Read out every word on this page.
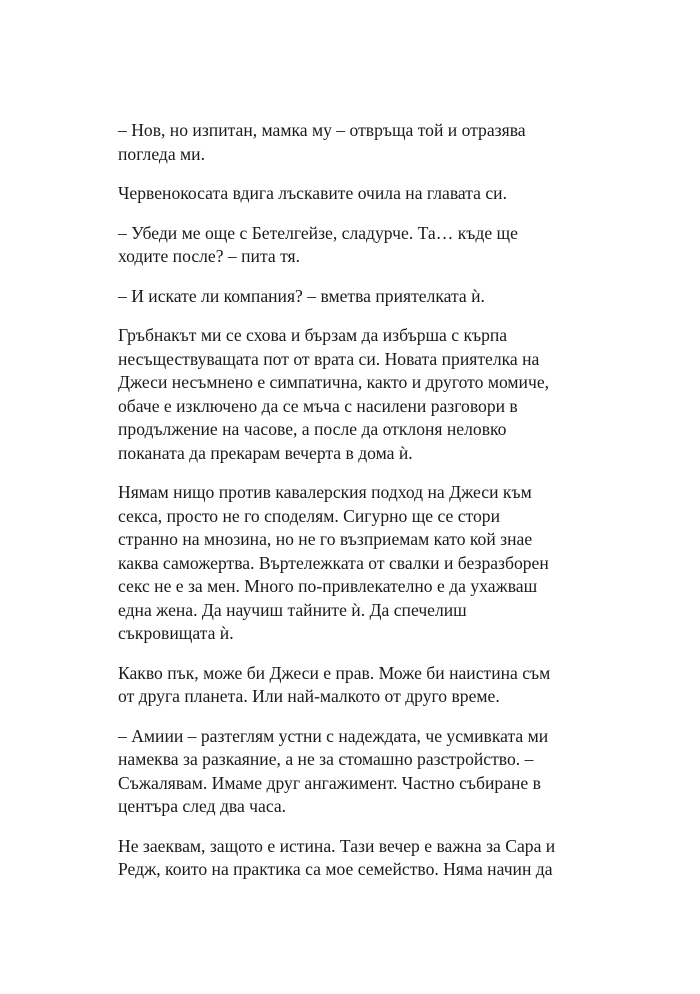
– Нов, но изпитан, мамка му – отвръща той и отразява
погледа ми.

Червенокосата вдига лъскавите очила на главата си.

– Убеди ме още с Бетелгейзе, сладурче. Та… къде ще
ходите после? – пита тя.

– И искате ли компания? – вметва приятелката ѝ.

Гръбнакът ми се схова и бързам да избърша с кърпа
несъществуващата пот от врата си. Новата приятелка на
Джеси несъмнено е симпатична, както и другото момиче,
обаче е изключено да се мъча с насилени разговори в
продължение на часове, а после да отклоня неловко
поканата да прекарам вечерта в дома ѝ.

Нямам нищо против кавалерския подход на Джеси към
секса, просто не го споделям. Сигурно ще се стори
странно на мнозина, но не го възприемам като кой знае
каква саможертва. Въртележката от свалки и безразборен
секс не е за мен. Много по-привлекателно е да ухажваш
една жена. Да научиш тайните ѝ. Да спечелиш
съкровищата ѝ.

Какво пък, може би Джеси е прав. Може би наистина съм
от друга планета. Или най-малкото от друго време.

– Амиии – разтеглям устни с надеждата, че усмивката ми
намеква за разкаяние, а не за стомашно разстройство. –
Съжалявам. Имаме друг ангажимент. Частно събиране в
центъра след два часа.

Не заеквам, защото е истина. Тази вечер е важна за Сара и
Редж, които на практика са мое семейство. Няма начин да
